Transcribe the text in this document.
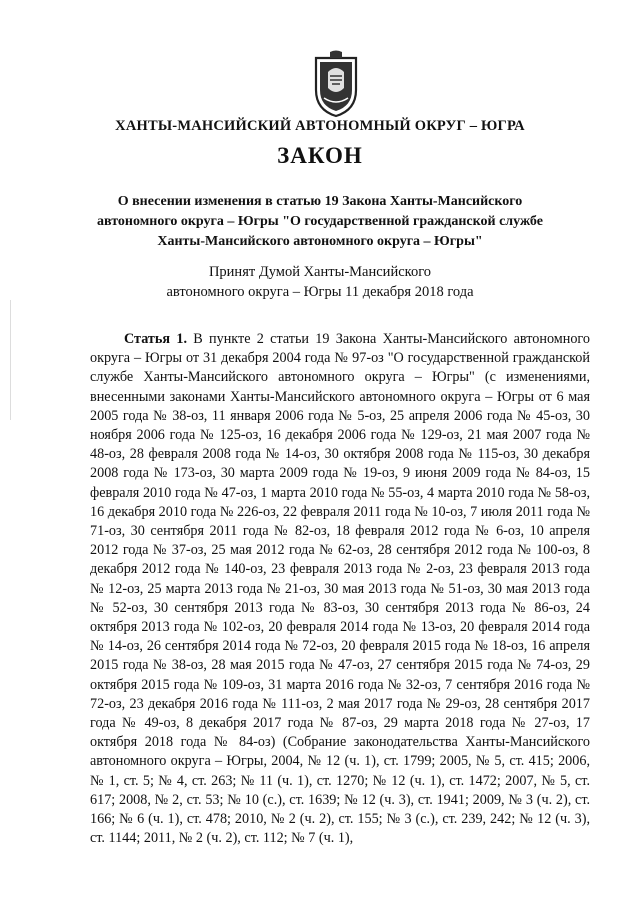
ХАНТЫ-МАНСИЙСКИЙ АВТОНОМНЫЙ ОКРУГ – ЮГРА
ЗАКОН
О внесении изменения в статью 19 Закона Ханты-Мансийского
автономного округа – Югры "О государственной гражданской службе
Ханты-Мансийского автономного округа – Югры"
Принят Думой Ханты-Мансийского
автономного округа – Югры 11 декабря 2018 года

Статья 1. В пункте 2 статьи 19 Закона Ханты-Мансийского автономного округа – Югры от 31 декабря 2004 года № 97-оз "О государственной гражданской службе Ханты-Мансийского автономного округа – Югры" (с изменениями, внесенными законами Ханты-Мансийского автономного округа – Югры от 6 мая 2005 года № 38-оз, 11 января 2006 года № 5-оз, 25 апреля 2006 года № 45-оз, 30 ноября 2006 года № 125-оз, 16 декабря 2006 года № 129-оз, 21 мая 2007 года № 48-оз, 28 февраля 2008 года № 14-оз, 30 октября 2008 года № 115-оз, 30 декабря 2008 года № 173-оз, 30 марта 2009 года № 19-оз, 9 июня 2009 года № 84-оз, 15 февраля 2010 года № 47-оз, 1 марта 2010 года № 55-оз, 4 марта 2010 года № 58-оз, 16 декабря 2010 года № 226-оз, 22 февраля 2011 года № 10-оз, 7 июля 2011 года № 71-оз, 30 сентября 2011 года № 82-оз, 18 февраля 2012 года № 6-оз, 10 апреля 2012 года № 37-оз, 25 мая 2012 года № 62-оз, 28 сентября 2012 года № 100-оз, 8 декабря 2012 года № 140-оз, 23 февраля 2013 года № 2-оз, 23 февраля 2013 года № 12-оз, 25 марта 2013 года № 21-оз, 30 мая 2013 года № 51-оз, 30 мая 2013 года № 52-оз, 30 сентября 2013 года № 83-оз, 30 сентября 2013 года № 86-оз, 24 октября 2013 года № 102-оз, 20 февраля 2014 года № 13-оз, 20 февраля 2014 года № 14-оз, 26 сентября 2014 года № 72-оз, 20 февраля 2015 года № 18-оз, 16 апреля 2015 года № 38-оз, 28 мая 2015 года № 47-оз, 27 сентября 2015 года № 74-оз, 29 октября 2015 года № 109-оз, 31 марта 2016 года № 32-оз, 7 сентября 2016 года № 72-оз, 23 декабря 2016 года № 111-оз, 2 мая 2017 года № 29-оз, 28 сентября 2017 года № 49-оз, 8 декабря 2017 года № 87-оз, 29 марта 2018 года № 27-оз, 17 октября 2018 года № 84-оз) (Собрание законодательства Ханты-Мансийского автономного округа – Югры, 2004, № 12 (ч. 1), ст. 1799; 2005, № 5, ст. 415; 2006, № 1, ст. 5; № 4, ст. 263; № 11 (ч. 1), ст. 1270; № 12 (ч. 1), ст. 1472; 2007, № 5, ст. 617; 2008, № 2, ст. 53; № 10 (с.), ст. 1639; № 12 (ч. 3), ст. 1941; 2009, № 3 (ч. 2), ст. 166; № 6 (ч. 1), ст. 478; 2010, № 2 (ч. 2), ст. 155; № 3 (с.), ст. 239, 242; № 12 (ч. 3), ст. 1144; 2011, № 2 (ч. 2), ст. 112; № 7 (ч. 1),
